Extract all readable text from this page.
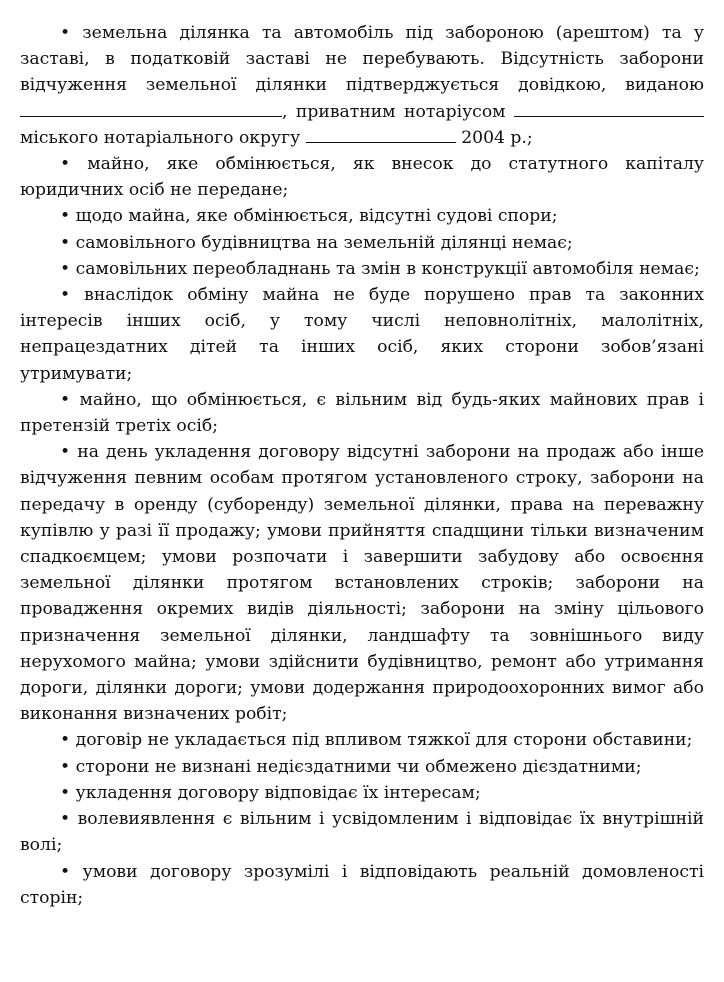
• земельна ділянка та автомобіль під забороною (арештом) та у заставі, в податковій заставі не перебувають. Відсутність заборони відчуження земельної ділянки підтверджується довідкою, виданою , приватним нотаріусом  міського нотаріального округу	2004 р.;

• майно, яке обмінюється, як внесок до статутного капіталу юридичних осіб не передане;

• щодо майна, яке обмінюється, відсутні судові спори;

• самовільного будівництва на земельній ділянці немає;

• самовільних переобладнань та змін в конструкції автомобіля немає;

• внаслідок обміну майна не буде порушено прав та законних інтересів інших осіб, у тому числі неповнолітніх, малолітніх, непрацездатних дітей та інших осіб, яких сторони зобов’язані утримувати;

• майно, що обмінюється, є вільним від будь-яких майнових прав і претензій третіх осіб;

• на день укладення договору відсутні заборони на продаж або інше відчуження певним особам протягом установленого строку, заборони на передачу в оренду (суборенду) земельної ділянки, права на переважну купівлю у разі її продажу; умови прийняття спадщини тільки визначеним спадкоємцем; умови розпочати і завершити забудову або освоєння земельної ділянки протягом встановлених строків; заборони на провадження окремих видів діяльності; заборони на зміну цільового призначення земельної ділянки, ландшафту та зовнішнього виду нерухомого майна; умови здійснити будівництво, ремонт або утримання дороги, ділянки дороги; умови додержання природоохоронних вимог або виконання визначених робіт;

• договір не укладається під впливом тяжкої для сторони обставини;

• сторони не визнані недієздатними чи обмежено дієздатними;

• укладення договору відповідає їх інтересам;

• волевиявлення є вільним і усвідомленим і відповідає їх внутрішній волі;

• умови договору зрозумілі і відповідають реальній домовленості сторін;
